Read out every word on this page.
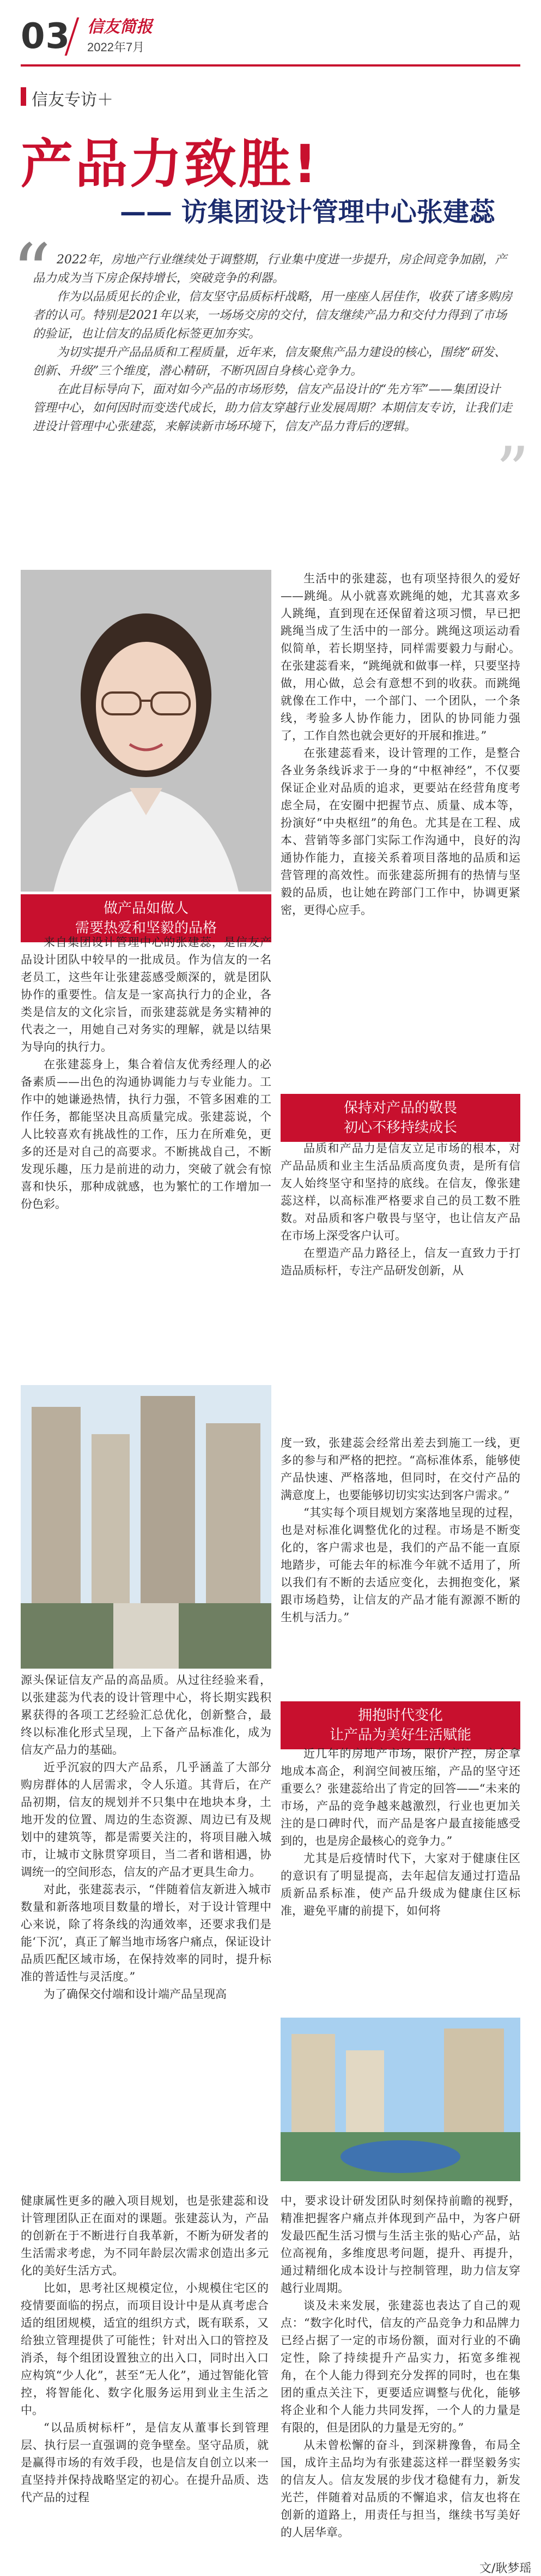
03 信友简报
2022年7月
信友专访＋
产品力致胜!
—— 访集团设计管理中心张建蕊
“ 2022年，房地产行业继续处于调整期，行业集中度进一步提升，房企间竞争加剧，产品力成为当下房企保持增长，突破竞争的利器。

作为以品质见长的企业，信友坚守品质标杆战略，用一座座人居佳作，收获了诸多购房者的认可。特别是2021年以来，一场场交房的交付，信友继续产品力和交付力得到了市场的验证，也让信友的品质化标签更加夯实。

为切实提升产品品质和工程质量，近年来，信友聚焦产品力建设的核心，围绕“研发、创新、升级”三个维度，潜心精研，不断巩固自身核心竞争力。

在此目标导向下，面对如今产品的市场形势，信友产品设计的“先方军”——集团设计管理中心，如何因时而变迭代成长，助力信友穿越行业发展周期？本期信友专访，让我们走进设计管理中心张建蕊，来解读新市场环境下，信友产品力背后的逻辑。

”
做产品如做人
需要热爱和坚毅的品格

生活中的张建蕊，也有项坚持很久的爱好——跳绳。从小就喜欢跳绳的她，尤其喜欢多人跳绳，直到现在还保留着这项习惯，早已把跳绳当成了生活中的一部分。跳绳这项运动看似简单，若长期坚持，同样需要毅力与耐心。在张建蕊看来，“跳绳就和做事一样，只要坚持做，用心做，总会有意想不到的收获。而跳绳就像在工作中，一个部门、一个团队，一个条线，考验多人协作能力，团队的协同能力强了，工作自然也就会更好的开展和推进。”

在张建蕊看来，设计管理的工作，是整合各业务条线诉求于一身的“中枢神经”，不仅要保证企业对品质的追求，更要站在经营角度考虑全局，在安圈中把握节点、质量、成本等，扮演好“中央枢纽”的角色。尤其是在工程、成本、营销等多部门实际工作沟通中，良好的沟通协作能力，直接关系着项目落地的品质和运营管理的高效性。而张建蕊所拥有的热情与坚毅的品质，也让她在跨部门工作中，协调更紧密，更得心应手。

来自集团设计管理中心的张建蕊，是信友产品设计团队中较早的一批成员。作为信友的一名老员工，这些年让张建蕊感受颇深的，就是团队协作的重要性。信友是一家高执行力的企业，各类是信友的文化宗旨，而张建蕊就是务实精神的代表之一，用她自己对务实的理解，就是以结果为导向的执行力。

在张建蕊身上，集合着信友优秀经理人的必备素质——出色的沟通协调能力与专业能力。工作中的她谦逊热情，执行力强，不管多困难的工作任务，都能坚决且高质量完成。张建蕊说，个人比较喜欢有挑战性的工作，压力在所难免，更多的还是对自己的高要求。不断挑战自己，不断发现乐趣，压力是前进的动力，突破了就会有惊喜和快乐，那种成就感，也为繁忙的工作增加一份色彩。

保持对产品的敬畏
初心不移持续成长

品质和产品力是信友立足市场的根本，对产品品质和业主生活品质高度负责，是所有信友人始终坚守和坚持的底线。在信友，像张建蕊这样，以高标准严格要求自己的员工数不胜数。对品质和客户敬畏与坚守，也让信友产品在市场上深受客户认可。

在塑造产品力路径上，信友一直致力于打造品质标杆，专注产品研发创新，从

度一致，张建蕊会经常出差去到施工一线，更多的参与和严格的把控。“高标准体系，能够使产品快速、严格落地，但同时，在交付产品的满意度上，也要能够切切实实达到客户需求。”

“其实每个项目规划方案落地呈现的过程，也是对标准化调整优化的过程。市场是不断变化的，客户需求也是，我们的产品不能一直原地踏步，可能去年的标准今年就不适用了，所以我们有不断的去适应变化，去拥抱变化，紧跟市场趋势，让信友的产品才能有源源不断的生机与活力。”

源头保证信友产品的高品质。从过往经验来看，以张建蕊为代表的设计管理中心，将长期实践积累获得的各项工艺经验汇总优化，创新整合，最终以标准化形式呈现，上下备产品标准化，成为信友产品力的基础。

近乎沉寂的四大产品系，几乎涵盖了大部分购房群体的人居需求，令人乐道。其背后，在产品初期，信友的规划并不只集中在地块本身，土地开发的位置、周边的生态资源、周边已有及规划中的建筑等，都是需要关注的，将项目融入城市，让城市文脉贯穿项目，当二者和谐相遇，协调统一的空间形态，信友的产品才更具生命力。

对此，张建蕊表示，“伴随着信友新进入城市数量和新落地项目数量的增长，对于设计管理中心来说，除了将条线的沟通效率，还要求我们是能‘下沉’，真正了解当地市场客户痛点，保证设计品质匹配区域市场，在保持效率的同时，提升标准的普适性与灵活度。”

为了确保交付端和设计端产品呈现高

拥抱时代变化
让产品为美好生活赋能

近几年的房地产市场，限价产控，房企拿地成本高企，利润空间被压缩，产品的坚守还重要么？张建蕊给出了肯定的回答——“未来的市场，产品的竞争越来越激烈，行业也更加关注的是口碑时代，而产品是客户最直接能感受到的，也是房企最核心的竞争力。”

尤其是后疫情时代下，大家对于健康住区的意识有了明显提高，去年起信友通过打造品质新品系标准，使产品升级成为健康住区标准，避免平庸的前提下，如何将

健康属性更多的融入项目规划，也是张建蕊和设计管理团队正在面对的课题。张建蕊认为，产品的创新在于不断进行自我革新，不断为研发者的生活需求考虑，为不同年龄层次需求创造出多元化的美好生活方式。

比如，思考社区规模定位，小规模住宅区的疫情要面临的拐点，而项目设计中是从真考虑合适的组团规模，适宜的组织方式，既有联系，又给独立管理提供了可能性；针对出入口的管控及消杀，每个组团设置独立的出入口，同时出入口应构筑“少人化”，甚至“无人化”，通过智能化管控，将智能化、数字化服务运用到业主生活之中。

“以品质树标杆”，是信友从董事长到管理层、执行层一直强调的竞争壁垒。坚守品质，就是赢得市场的有效手段，也是信友自创立以来一直坚持并保持战略坚定的初心。在提升品质、迭代产品的过程

中，要求设计研发团队时刻保持前瞻的视野，精准把握客户痛点并体现到产品中，为客户研发最匹配生活习惯与生活主张的贴心产品，站位高视角，多维度思考问题，提升、再提升，通过精细化成本设计与控制管理，助力信友穿越行业周期。

谈及未来发展，张建蕊也表达了自己的观点：“数字化时代，信友的产品竞争力和品牌力已经占据了一定的市场份额，面对行业的不确定性，除了持续提升产品实力，拓宽多维视角，在个人能力得到充分发挥的同时，也在集团的重点关注下，更要适应调整与优化，能够将企业和个人能力共同发挥，一个人的力量是有限的，但是团队的力量是无穷的。”

从未曾松懈的奋斗，到深耕豫鲁，布局全国，成许主品均为有张建蕊这样一群坚毅务实的信友人。信友发展的步伐才稳健有力，新发光芒，伴随着对品质的不懈追求，信友也将在创新的道路上，用责任与担当，继续书写美好的人居华章。

文/耿梦瑶
